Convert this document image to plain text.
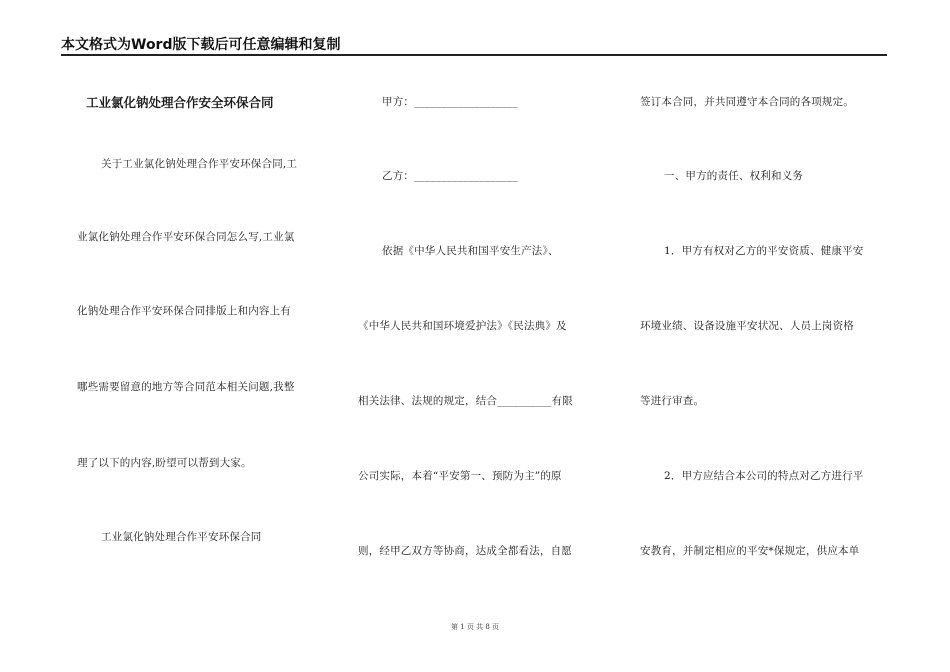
本文格式为Word版下载后可任意编辑和复制
工业氯化钠处理合作安全环保合同
关于工业氯化钠处理合作平安环保合同,工
业氯化钠处理合作平安环保合同怎么写,工业氯
化钠处理合作平安环保合同排版上和内容上有
哪些需要留意的地方等合同范本相关问题,我整
理了以下的内容,盼望可以帮到大家。
工业氯化钠处理合作平安环保合同
甲方：___________________
乙方：___________________
依据《中华人民共和国平安生产法》、
《中华人民共和国环境爱护法》《民法典》及
相关法律、法规的规定，结合__________有限
公司实际，本着“平安第一、预防为主”的原
则，经甲乙双方等协商，达成全都看法，自愿
签订本合同，并共同遵守本合同的各项规定。
一、甲方的责任、权利和义务
1．甲方有权对乙方的平安资质、健康平安
环境业绩、设备设施平安状况、人员上岗资格
等进行审查。
2．甲方应结合本公司的特点对乙方进行平
安教育，并制定相应的平安*保规定，供应本单
第 1 页 共 8 页
